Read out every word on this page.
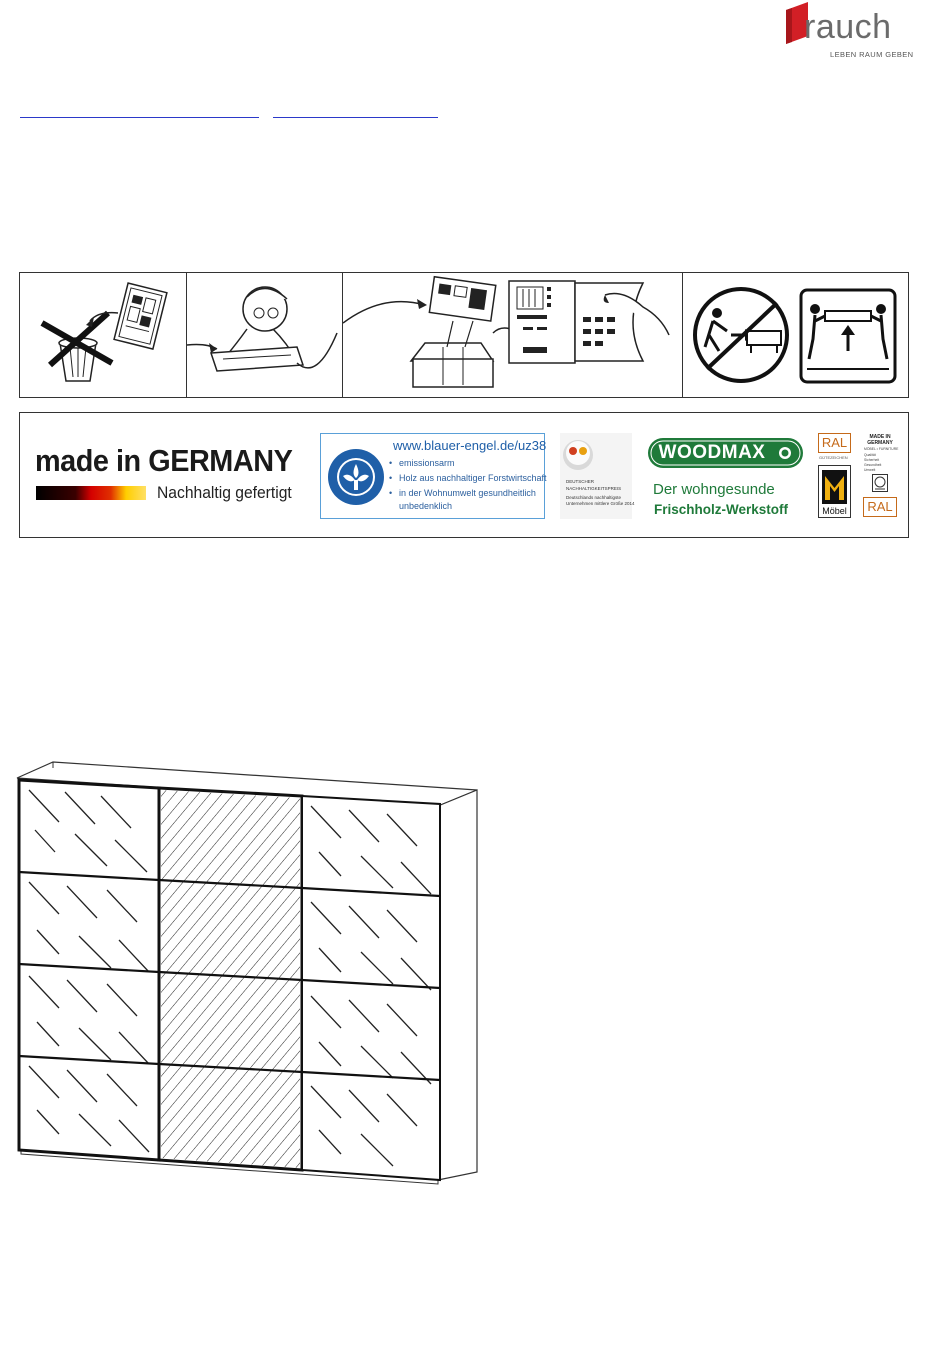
rauch
LEBEN RAUM GEBEN
made in GERMANY
Nachhaltig gefertigt
www.blauer-engel.de/uz38
• emissionsarm
• Holz aus nachhaltiger Forstwirtschaft
• in der Wohnumwelt gesundheitlich
unbedenklich
DEUTSCHER
NACHHALTIGKEITSPREIS
Deutschlands nachhaltigste
Unternehmen mittlere Größe 2014
WOODMAX
Der wohngesunde
Frischholz-Werkstoff
RAL
GÜTEZEICHEN
Möbel
MADE IN
GERMANY
MÖBEL • FURNITURE
Qualität
Sicherheit
Gesundheit
Umwelt
RAL
